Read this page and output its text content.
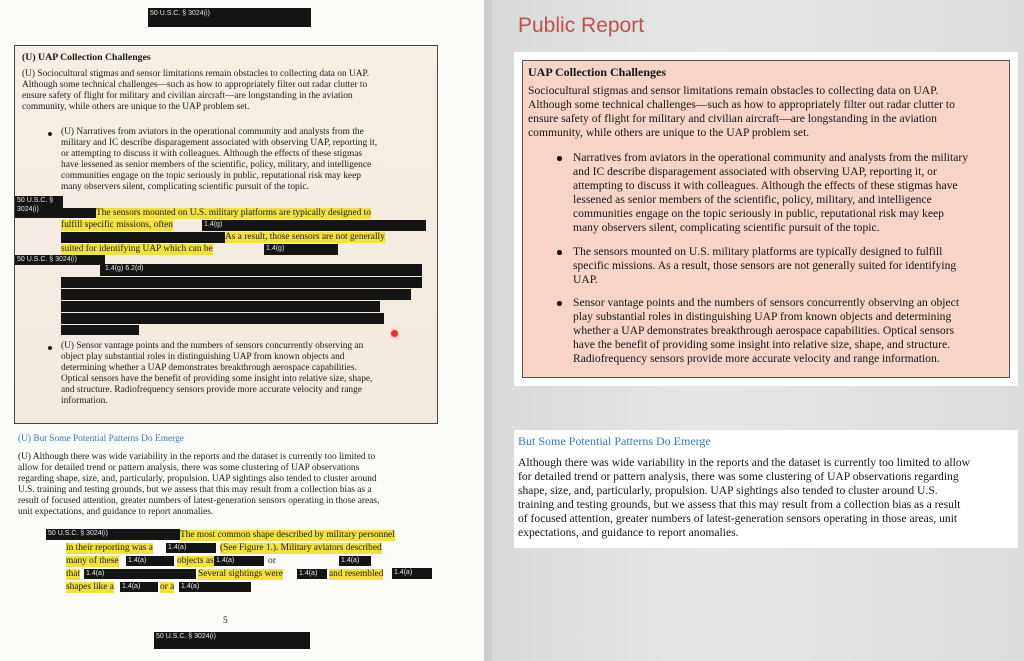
50 U.S.C. § 3024(i)
(U) UAP Collection Challenges
(U) Sociocultural stigmas and sensor limitations remain obstacles to collecting data on UAP.
Although some technical challenges—such as how to appropriately filter out radar clutter to
ensure safety of flight for military and civilian aircraft—are longstanding in the aviation
community, while others are unique to the UAP problem set.
(U) Narratives from aviators in the operational community and analysts from the
military and IC describe disparagement associated with observing UAP, reporting it,
or attempting to discuss it with colleagues. Although the effects of these stigmas
have lessened as senior members of the scientific, policy, military, and intelligence
communities engage on the topic seriously in public, reputational risk may keep
many observers silent, complicating scientific pursuit of the topic.
50 U.S.C. §
3024(i)	The sensors mounted on U.S. military platforms are typically designed to
fulfill specific missions, often	1.4(g)
As a result, those sensors are not generally
suited for identifying UAP which can be	1.4(g)
50 U.S.C. § 3024(i)
1.4(g) 6.2(d)
(U) Sensor vantage points and the numbers of sensors concurrently observing an
object play substantial roles in distinguishing UAP from known objects and
determining whether a UAP demonstrates breakthrough aerospace capabilities.
Optical sensors have the benefit of providing some insight into relative size, shape,
and structure. Radiofrequency sensors provide more accurate velocity and range
information.
(U) But Some Potential Patterns Do Emerge
(U) Although there was wide variability in the reports and the dataset is currently too limited to
allow for detailed trend or pattern analysis, there was some clustering of UAP observations
regarding shape, size, and, particularly, propulsion. UAP sightings also tended to cluster around
U.S. training and testing grounds, but we assess that this may result from a collection bias as a
result of focused attention, greater numbers of latest-generation sensors operating in those areas,
unit expectations, and guidance to report anomalies.
50 U.S.C. § 3024(i)	The most common shape described by military personnel
in their reporting was a 1.4(a)	(See Figure 1.). Military aviators described
many of these 1.4(a)	objects as 1.4(a)	or	1.4(a)
that 1.4(a)	Several sightings were 1.4(a)	and resembled 1.4(a)
shapes like a 1.4(a)	or a 1.4(a)
5
50 U.S.C. § 3024(i)
Public Report
UAP Collection Challenges
Sociocultural stigmas and sensor limitations remain obstacles to collecting data on UAP.
Although some technical challenges—such as how to appropriately filter out radar clutter to
ensure safety of flight for military and civilian aircraft—are longstanding in the aviation
community, while others are unique to the UAP problem set.
Narratives from aviators in the operational community and analysts from the military
and IC describe disparagement associated with observing UAP, reporting it, or
attempting to discuss it with colleagues. Although the effects of these stigmas have
lessened as senior members of the scientific, policy, military, and intelligence
communities engage on the topic seriously in public, reputational risk may keep
many observers silent, complicating scientific pursuit of the topic.
The sensors mounted on U.S. military platforms are typically designed to fulfill
specific missions. As a result, those sensors are not generally suited for identifying
UAP.
Sensor vantage points and the numbers of sensors concurrently observing an object
play substantial roles in distinguishing UAP from known objects and determining
whether a UAP demonstrates breakthrough aerospace capabilities. Optical sensors
have the benefit of providing some insight into relative size, shape, and structure.
Radiofrequency sensors provide more accurate velocity and range information.
But Some Potential Patterns Do Emerge
Although there was wide variability in the reports and the dataset is currently too limited to allow
for detailed trend or pattern analysis, there was some clustering of UAP observations regarding
shape, size, and, particularly, propulsion. UAP sightings also tended to cluster around U.S.
training and testing grounds, but we assess that this may result from a collection bias as a result
of focused attention, greater numbers of latest-generation sensors operating in those areas, unit
expectations, and guidance to report anomalies.
